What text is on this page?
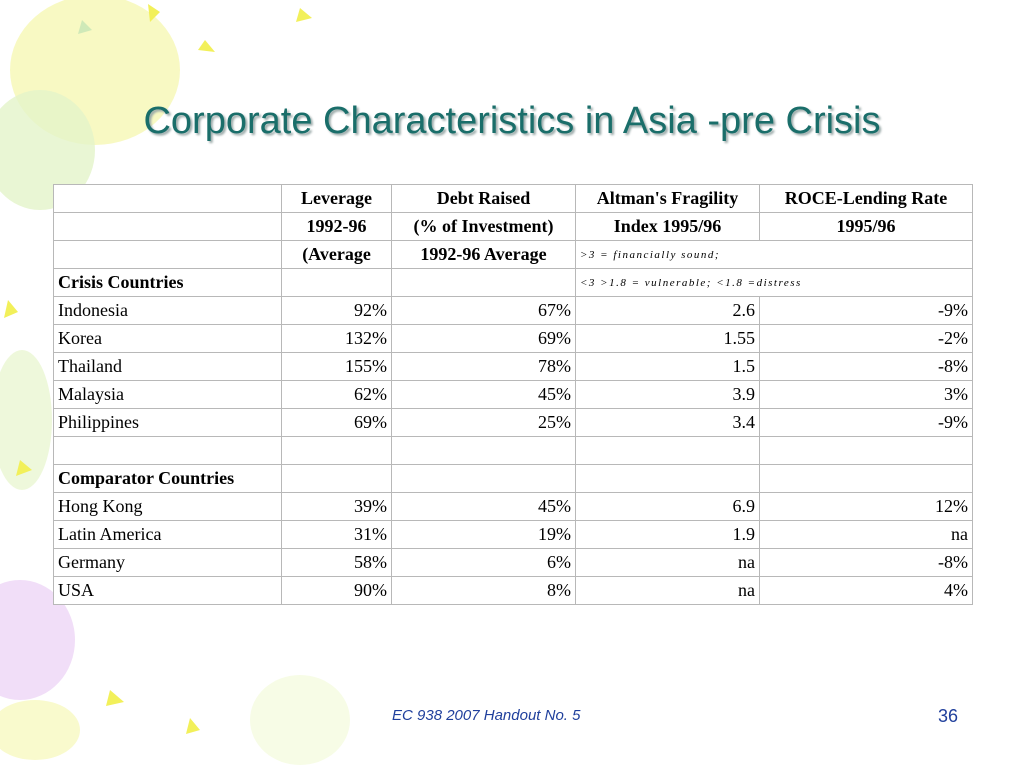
Corporate Characteristics in Asia -pre Crisis
	Leverage	Debt Raised	Altman's Fragility	ROCE-Lending Rate
	1992-96	(% of Investment)	Index 1995/96	1995/96
	(Average	1992-96 Average	>3 = financially sound;	
Crisis Countries			<3 >1.8 = vulnerable; <1.8 =distress	
Indonesia	92%	67%	2.6	-9%
Korea	132%	69%	1.55	-2%
Thailand	155%	78%	1.5	-8%
Malaysia	62%	45%	3.9	3%
Philippines	69%	25%	3.4	-9%

Comparator Countries				
Hong Kong	39%	45%	6.9	12%
Latin America	31%	19%	1.9	na
Germany	58%	6%	na	-8%
USA	90%	8%	na	4%
EC 938 2007 Handout No. 5	36
